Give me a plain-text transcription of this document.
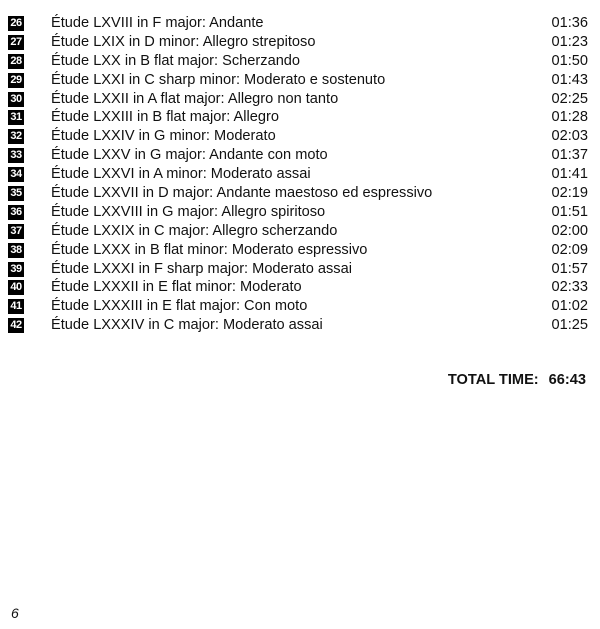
26 Étude LXVIII in F major: Andante	01:36
27 Étude LXIX in D minor: Allegro strepitoso	01:23
28 Étude LXX in B flat major: Scherzando	01:50
29 Étude LXXI in C sharp minor: Moderato e sostenuto	01:43
30 Étude LXXII in A flat major: Allegro non tanto	02:25
31 Étude LXXIII in B flat major: Allegro	01:28
32 Étude LXXIV in G minor: Moderato	02:03
33 Étude LXXV in G major: Andante con moto	01:37
34 Étude LXXVI in A minor: Moderato assai	01:41
35 Étude LXXVII in D major: Andante maestoso ed espressivo	02:19
36 Étude LXXVIII in G major: Allegro spiritoso	01:51
37 Étude LXXIX in C major: Allegro scherzando	02:00
38 Étude LXXX in B flat minor: Moderato espressivo	02:09
39 Étude LXXXI in F sharp major: Moderato assai	01:57
40 Étude LXXXII in E flat minor: Moderato	02:33
41 Étude LXXXIII in E flat major: Con moto	01:02
42 Étude LXXXIV in C major: Moderato assai	01:25
TOTAL TIME: 66:43
6
